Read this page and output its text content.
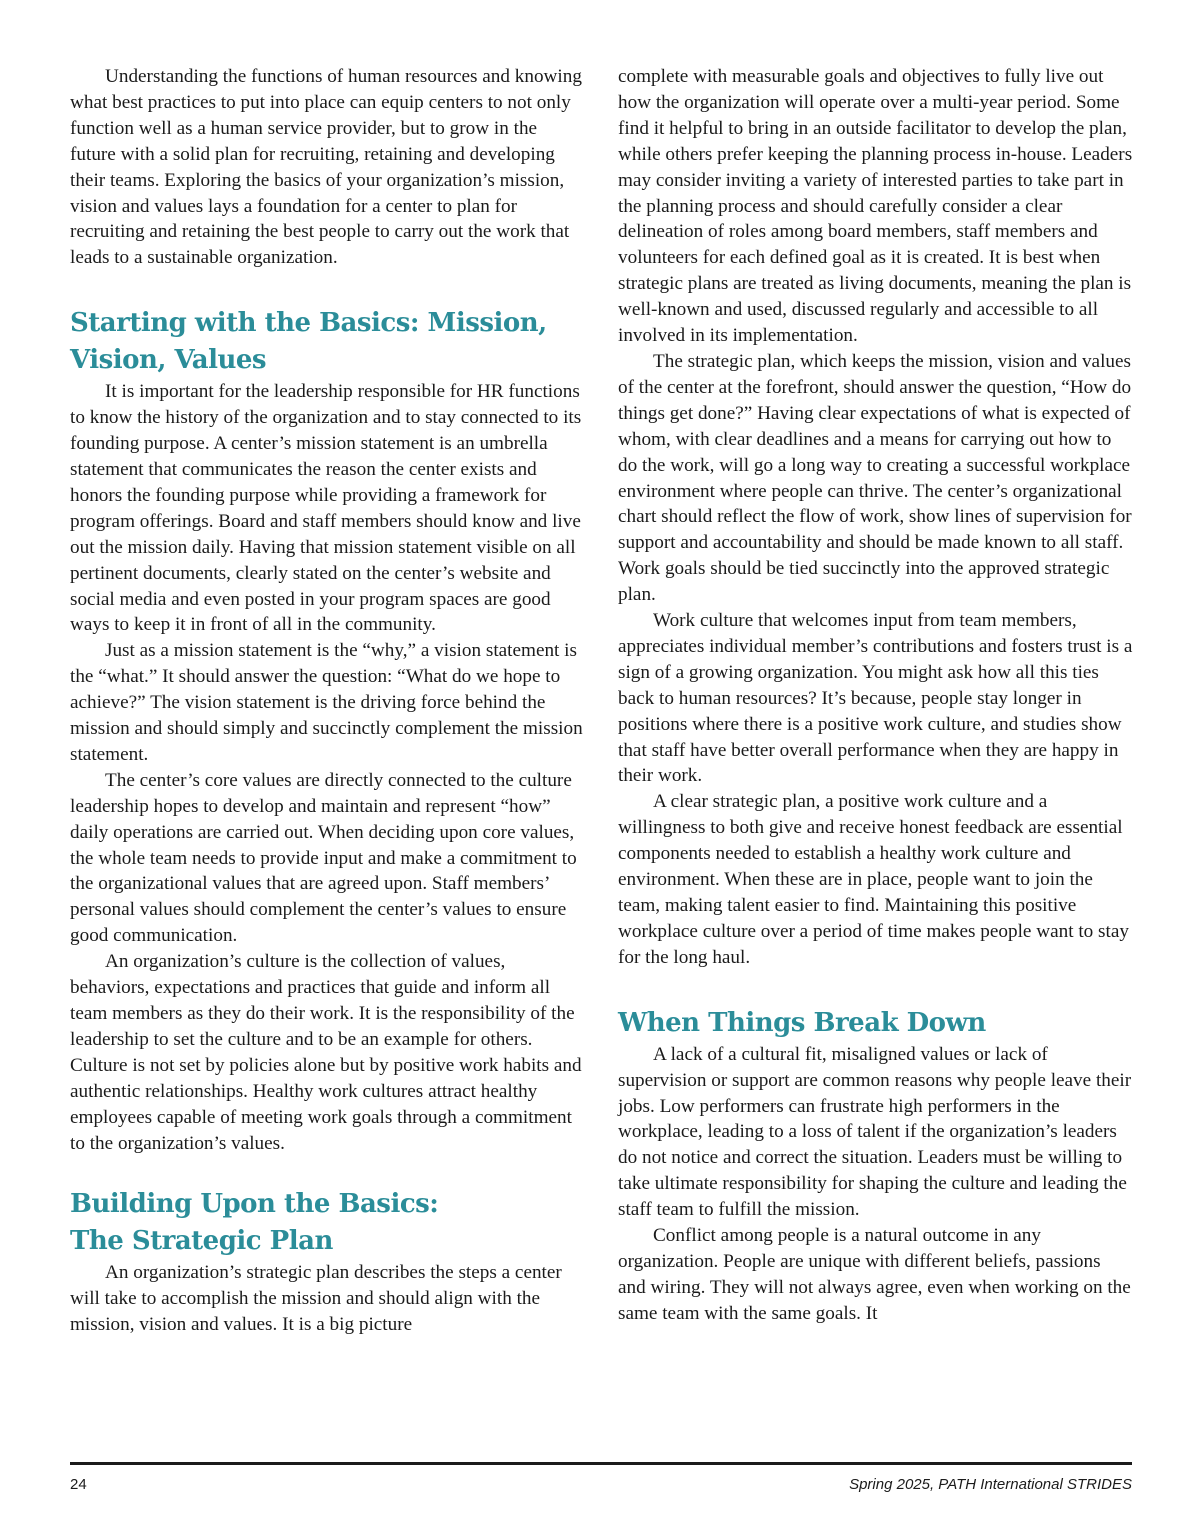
Understanding the functions of human resources and knowing what best practices to put into place can equip centers to not only function well as a human service provider, but to grow in the future with a solid plan for recruiting, retaining and developing their teams. Exploring the basics of your organization’s mission, vision and values lays a foundation for a center to plan for recruiting and retaining the best people to carry out the work that leads to a sustainable organization.

Starting with the Basics: Mission, Vision, Values

It is important for the leadership responsible for HR functions to know the history of the organization and to stay connected to its founding purpose. A center’s mission statement is an umbrella statement that communicates the reason the center exists and honors the founding purpose while providing a framework for program offerings. Board and staff members should know and live out the mission daily. Having that mission statement visible on all pertinent documents, clearly stated on the center’s website and social media and even posted in your program spaces are good ways to keep it in front of all in the community.

Just as a mission statement is the “why,” a vision statement is the “what.” It should answer the question: “What do we hope to achieve?” The vision statement is the driving force behind the mission and should simply and succinctly complement the mission statement.

The center’s core values are directly connected to the culture leadership hopes to develop and maintain and represent “how” daily operations are carried out. When deciding upon core values, the whole team needs to provide input and make a commitment to the organizational values that are agreed upon. Staff members’ personal values should complement the center’s values to ensure good communication.

An organization’s culture is the collection of values, behaviors, expectations and practices that guide and inform all team members as they do their work. It is the responsibility of the leadership to set the culture and to be an example for others. Culture is not set by policies alone but by positive work habits and authentic relationships. Healthy work cultures attract healthy employees capable of meeting work goals through a commitment to the organization’s values.

Building Upon the Basics:
The Strategic Plan

An organization’s strategic plan describes the steps a center will take to accomplish the mission and should align with the mission, vision and values. It is a big picture

complete with measurable goals and objectives to fully live out how the organization will operate over a multi-year period. Some find it helpful to bring in an outside facilitator to develop the plan, while others prefer keeping the planning process in-house. Leaders may consider inviting a variety of interested parties to take part in the planning process and should carefully consider a clear delineation of roles among board members, staff members and volunteers for each defined goal as it is created. It is best when strategic plans are treated as living documents, meaning the plan is well-known and used, discussed regularly and accessible to all involved in its implementation.

The strategic plan, which keeps the mission, vision and values of the center at the forefront, should answer the question, “How do things get done?” Having clear expectations of what is expected of whom, with clear deadlines and a means for carrying out how to do the work, will go a long way to creating a successful workplace environment where people can thrive. The center’s organizational chart should reflect the flow of work, show lines of supervision for support and accountability and should be made known to all staff. Work goals should be tied succinctly into the approved strategic plan.

Work culture that welcomes input from team members, appreciates individual member’s contributions and fosters trust is a sign of a growing organization. You might ask how all this ties back to human resources? It’s because, people stay longer in positions where there is a positive work culture, and studies show that staff have better overall performance when they are happy in their work.

A clear strategic plan, a positive work culture and a willingness to both give and receive honest feedback are essential components needed to establish a healthy work culture and environment. When these are in place, people want to join the team, making talent easier to find. Maintaining this positive workplace culture over a period of time makes people want to stay for the long haul.

When Things Break Down

A lack of a cultural fit, misaligned values or lack of supervision or support are common reasons why people leave their jobs. Low performers can frustrate high performers in the workplace, leading to a loss of talent if the organization’s leaders do not notice and correct the situation. Leaders must be willing to take ultimate responsibility for shaping the culture and leading the staff team to fulfill the mission.

Conflict among people is a natural outcome in any organization. People are unique with different beliefs, passions and wiring. They will not always agree, even when working on the same team with the same goals. It

24	Spring 2025, PATH International STRIDES
